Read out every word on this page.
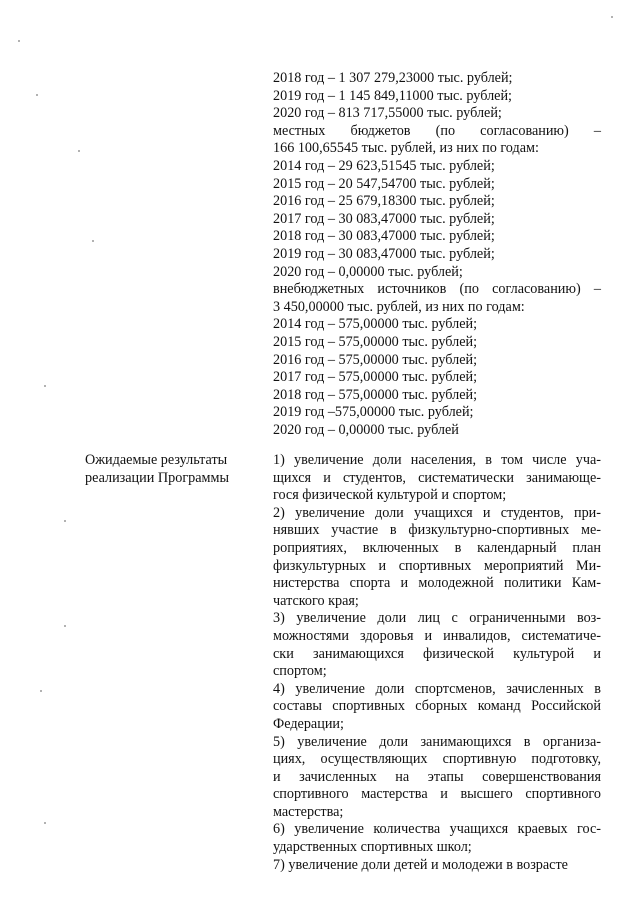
2018 год – 1 307 279,23000 тыс. рублей;
2019 год – 1 145 849,11000 тыс. рублей;
2020 год – 813 717,55000 тыс. рублей;
местных бюджетов (по согласованию) –
166 100,65545 тыс. рублей, из них по годам:
2014 год – 29 623,51545 тыс. рублей;
2015 год – 20 547,54700 тыс. рублей;
2016 год – 25 679,18300 тыс. рублей;
2017 год – 30 083,47000 тыс. рублей;
2018 год – 30 083,47000 тыс. рублей;
2019 год – 30 083,47000 тыс. рублей;
2020 год – 0,00000 тыс. рублей;
внебюджетных источников (по согласованию) –
3 450,00000 тыс. рублей, из них по годам:
2014 год – 575,00000 тыс. рублей;
2015 год – 575,00000 тыс. рублей;
2016 год – 575,00000 тыс. рублей;
2017 год – 575,00000 тыс. рублей;
2018 год – 575,00000 тыс. рублей;
2019 год –575,00000 тыс. рублей;
2020 год – 0,00000 тыс. рублей
Ожидаемые результаты
реализации Программы
1) увеличение доли населения, в том числе уча-
щихся и студентов, систематически занимающе-
гося физической культурой и спортом;
2) увеличение доли учащихся и студентов, при-
нявших участие в физкультурно-спортивных ме-
роприятиях, включенных в календарный план
физкультурных и спортивных мероприятий Ми-
нистерства спорта и молодежной политики Кам-
чатского края;
3) увеличение доли лиц с ограниченными воз-
можностями здоровья и инвалидов, систематиче-
ски занимающихся физической культурой и
спортом;
4) увеличение доли спортсменов, зачисленных в
составы спортивных сборных команд Российской
Федерации;
5) увеличение доли занимающихся в организа-
циях, осуществляющих спортивную подготовку,
и зачисленных на этапы совершенствования
спортивного мастерства и высшего спортивного
мастерства;
6) увеличение количества учащихся краевых гос-
ударственных спортивных школ;
7) увеличение доли детей и молодежи в возрасте
